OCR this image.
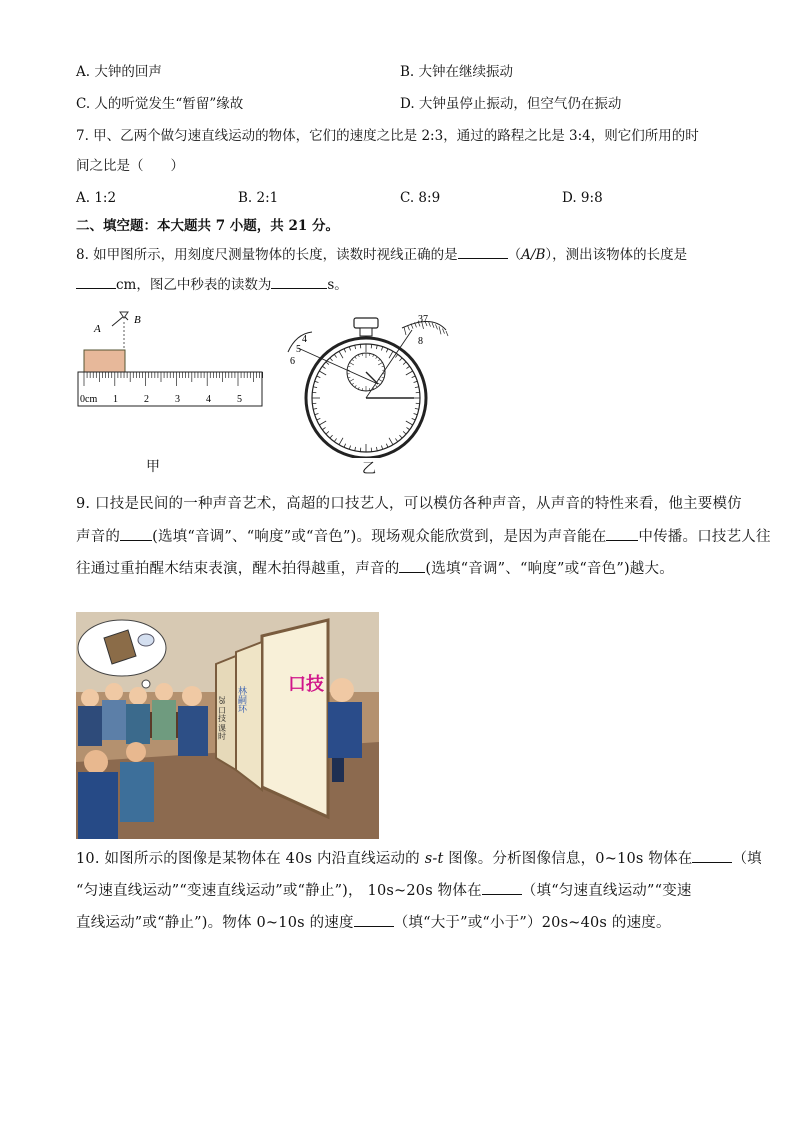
A. 大钟的回声	B. 大钟在继续振动
C. 人的听觉发生“暂留”缘故	D. 大钟虽停止振动，但空气仍在振动
7. 甲、乙两个做匀速直线运动的物体，它们的速度之比是 2:3，通过的路程之比是 3:4，则它们所用的时
间之比是（　　）
A. 1:2	B. 2:1	C. 8:9	D. 9:8
二、填空题：本大题共 7 小题，共 21 分。
8. 如甲图所示，用刻度尺测量物体的长度，读数时视线正确的是	（A/B），测出该物体的长度是
cm，图乙中秒表的读数为	s。
A
B
0cm 1	2	3	4	5
甲
37
8
4
5
6
乙
9. 口技是民间的一种声音艺术，高超的口技艺人，可以模仿各种声音，从声音的特性来看，他主要模仿
声音的 (选填“音调”、“响度”或“音色”)。现场观众能欣赏到，是因为声音能在 中传播。口技艺人往
往通过重拍醒木结束表演，醒木拍得越重，声音的 (选填“音调”、“响度”或“音色”)越大。
口技
林嗣环
28 口技 课时
10. 如图所示的图像是某物体在 40s 内沿直线运动的 s-t 图像。分析图像信息，0~10s 物体在	（填
“匀速直线运动”“变速直线运动”或“静止”)， 10s~20s 物体在	（填“匀速直线运动”“变速
直线运动”或“静止”)。物体 0~10s 的速度	（填“大于”或“小于”）20s~40s 的速度。
